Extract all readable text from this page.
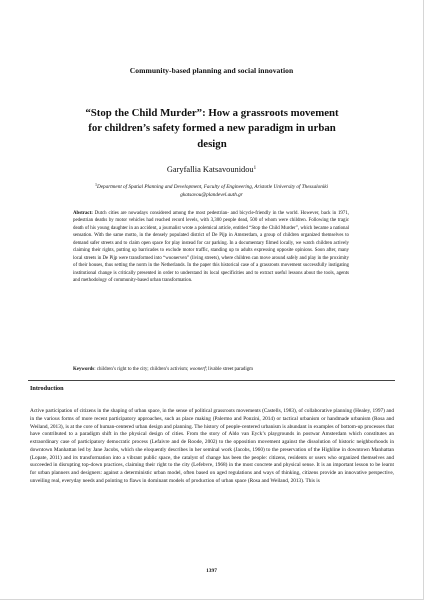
Community-based planning and social innovation
“Stop the Child Murder”: How a grassroots movement
for children’s safety formed a new paradigm in urban
design
Garyfallia Katsavounidou$^1$
$^1$Department of Spatial Planning and Development, Faculty of Engineering, Aristotle University of Thessaloniki
gkatsavou@plandevel.auth.gr
Abstract: Dutch cities are nowadays considered among the most pedestrian- and bicycle-friendly in the world. However, back in 1971, pedestrian deaths by motor vehicles had reached record levels, with 3,300 people dead, 500 of whom were children. Following the tragic death of his young daughter in an accident, a journalist wrote a polemical article, entitled “Stop the Child Murder”, which became a national sensation. With the same motto, in the densely populated district of De Pijp in Amsterdam, a group of children organized themselves to demand safer streets and to claim open space for play instead for car parking. In a documentary filmed locally, we watch children actively claiming their rights, putting up barricades to exclude motor traffic, standing up to adults expressing opposite opinions. Soon after, many local streets in De Pijp were transformed into “woonerven” (living streets), where children can move around safely and play in the proximity of their houses, thus setting the norm in the Netherlands. In the paper this historical case of a grassroots movement successfully instigating institutional change is critically presented in order to understand its local specificities and to extract useful lessons about the tools, agents and methodology of community-based urban transformation.
Keywords: children’s right to the city; children’s activism; woonerf; livable street paradigm
Introduction
Active participation of citizens in the shaping of urban space, in the sense of political grassroots movements (Castells, 1983), of collaborative planning (Healey, 1997) and in the various forms of more recent participatory approaches, such as place making (Palermo and Ponzini, 2014) or tactical urbanism or handmade urbanism (Rosa and Weiland, 2013), is at the core of human-centered urban design and planning. The history of people-centered urbanism is abundant in examples of bottom-up processes that have contributed to a paradigm shift in the physical design of cities. From the story of Aldo van Eyck’s playgrounds in postwar Amsterdam which constitutes an extraordinary case of participatory democratic process (Lefaivre and de Roode, 2002) to the opposition movement against the dissolution of historic neighborhoods in downtown Manhattan led by Jane Jacobs, which she eloquently describes in her seminal work (Jacobs, 1960) to the preservation of the Highline in downtown Manhattan (Lopate, 2011) and its transformation into a vibrant public space, the catalyst of change has been the people: citizens, residents or users who organized themselves and succeeded in disrupting top-down practices, claiming their right to the city (Lefebvre, 1968) in the most concrete and physical sense. It is an important lesson to be learnt for urban planners and designers: against a deterministic urban model, often based on aged regulations and ways of thinking, citizens provide an innovative perspective, unveiling real, everyday needs and pointing to flaws in dominant models of production of urban space (Rosa and Weiland, 2013). This is
1397
